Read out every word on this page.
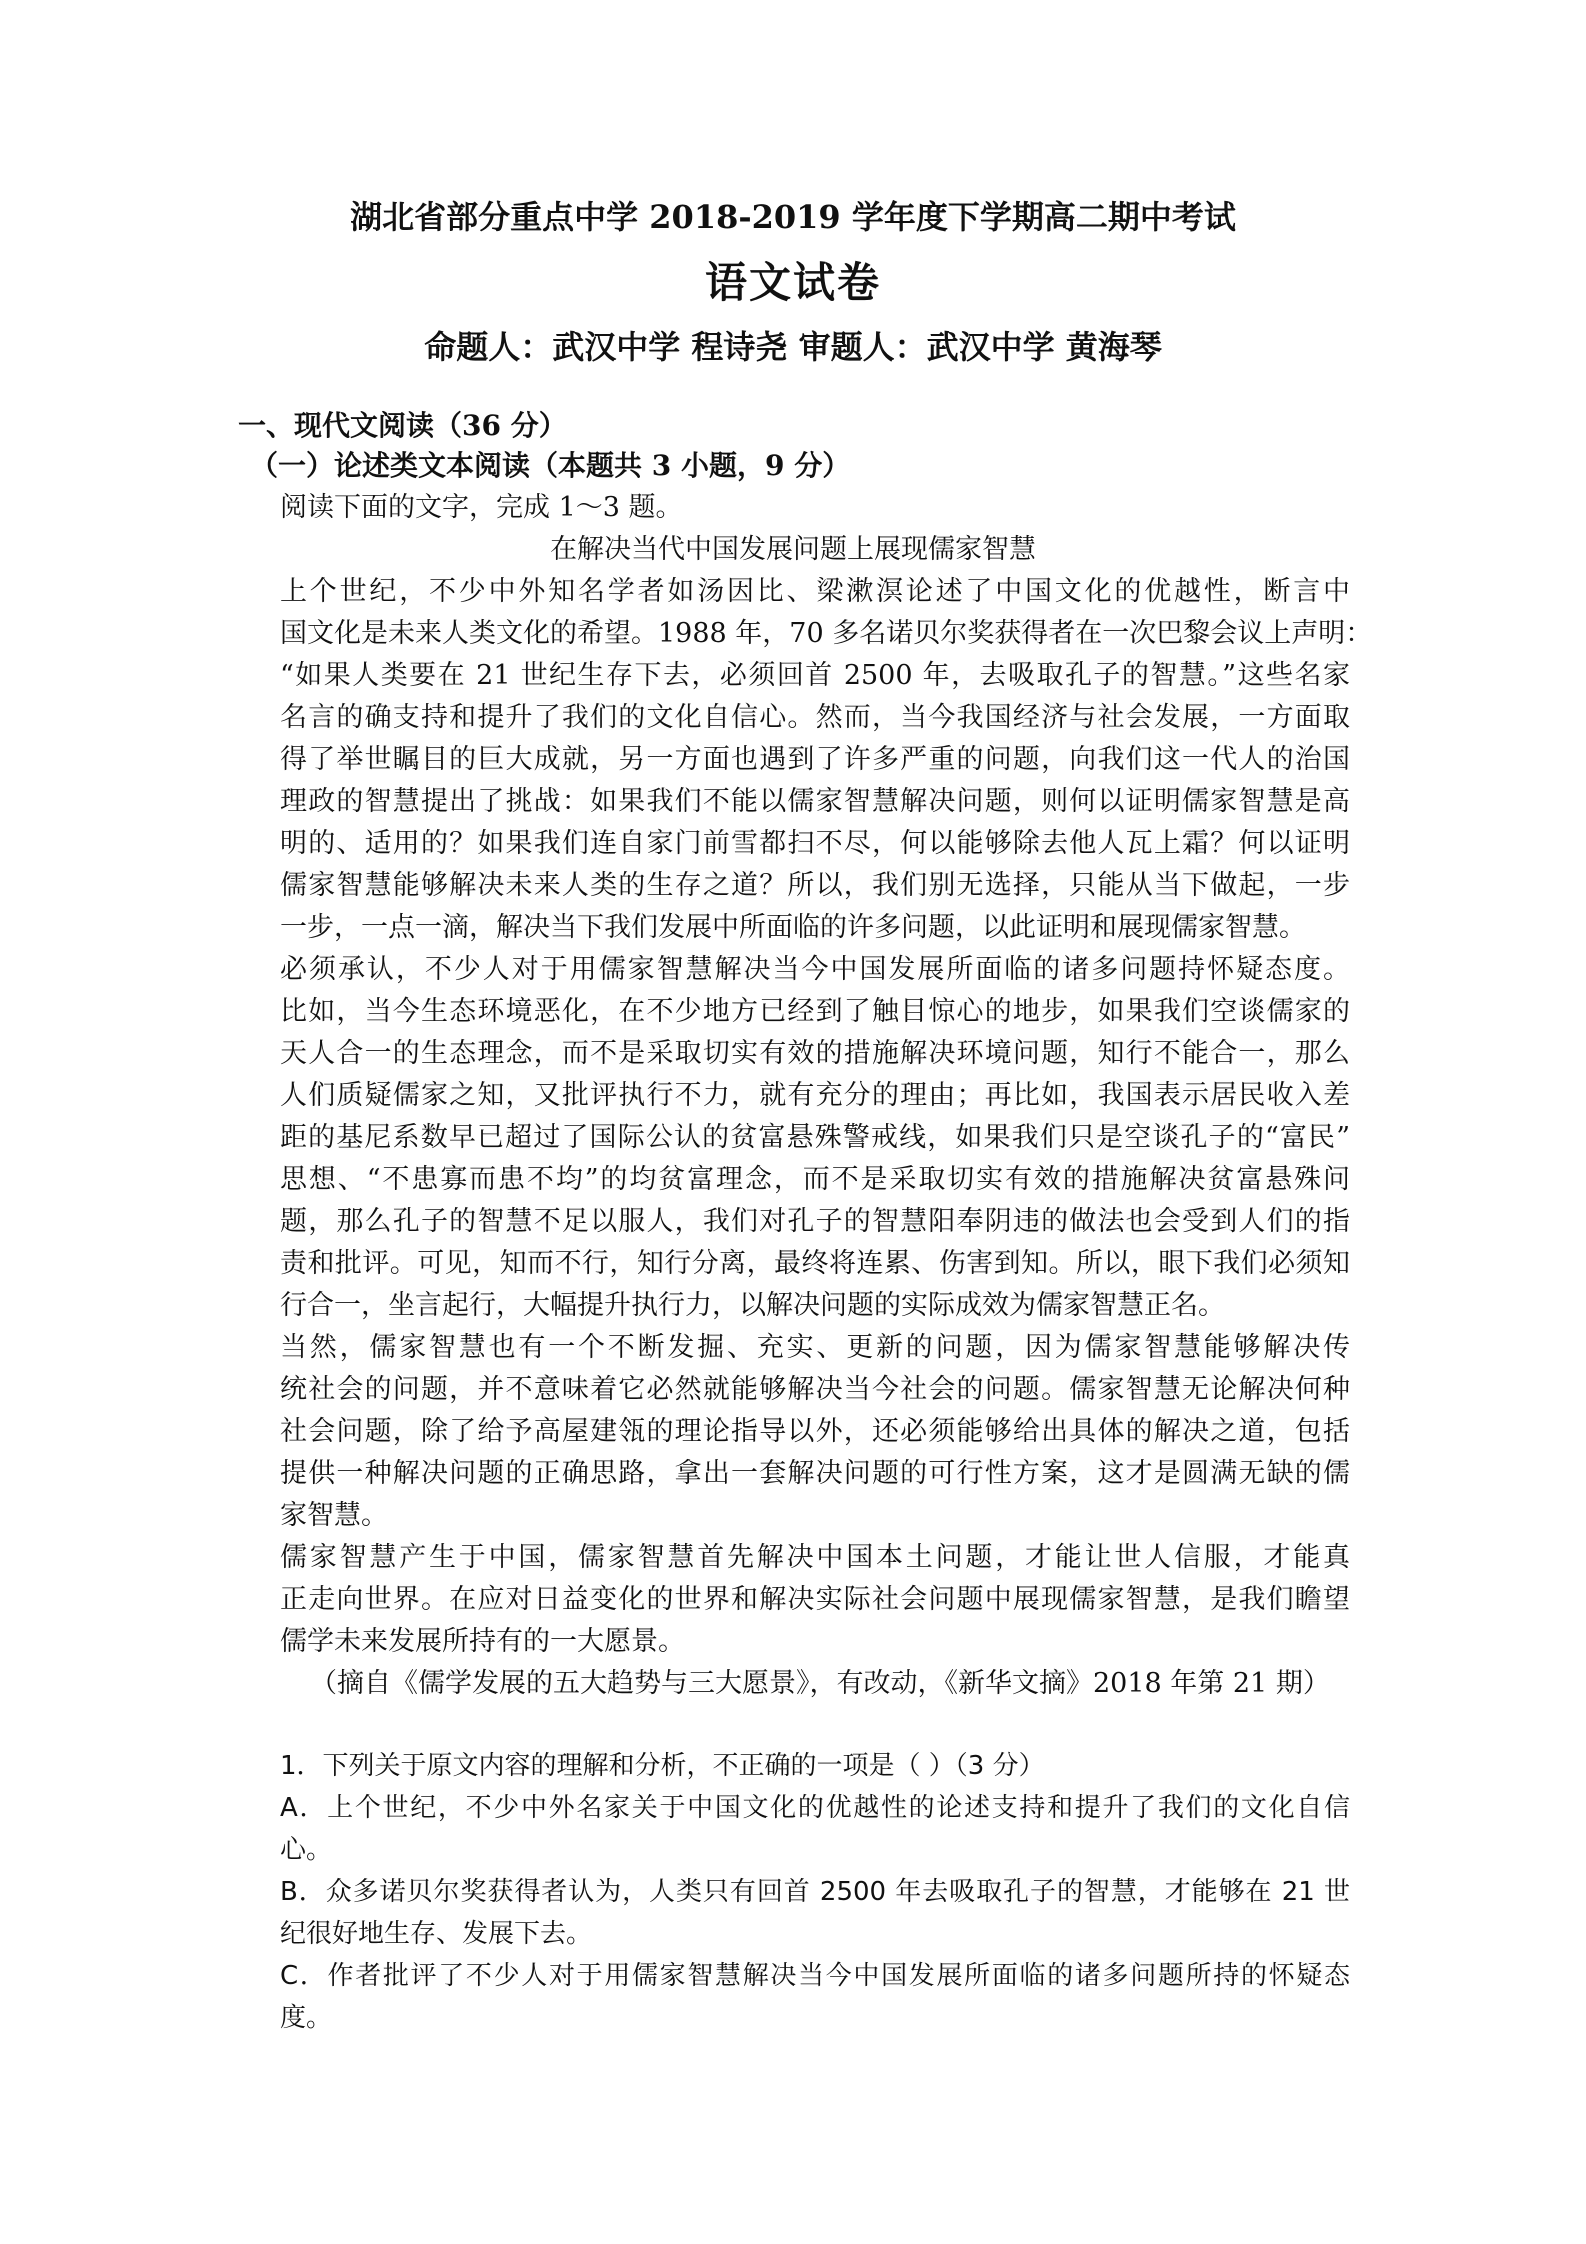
湖北省部分重点中学 2018-2019 学年度下学期高二期中考试
语文试卷
命题人：武汉中学 程诗尧 审题人：武汉中学 黄海琴
一、现代文阅读（36 分）
（一）论述类文本阅读（本题共 3 小题，9 分）
阅读下面的文字，完成 1～3 题。
在解决当代中国发展问题上展现儒家智慧
上个世纪，不少中外知名学者如汤因比、梁漱溟论述了中国文化的优越性，断言中
国文化是未来人类文化的希望。1988 年，70 多名诺贝尔奖获得者在一次巴黎会议上声明：
“如果人类要在 21 世纪生存下去，必须回首 2500 年，去吸取孔子的智慧。”这些名家
名言的确支持和提升了我们的文化自信心。然而，当今我国经济与社会发展，一方面取
得了举世瞩目的巨大成就，另一方面也遇到了许多严重的问题，向我们这一代人的治国
理政的智慧提出了挑战：如果我们不能以儒家智慧解决问题，则何以证明儒家智慧是高
明的、适用的？如果我们连自家门前雪都扫不尽，何以能够除去他人瓦上霜？何以证明
儒家智慧能够解决未来人类的生存之道？所以，我们别无选择，只能从当下做起，一步
一步，一点一滴，解决当下我们发展中所面临的许多问题，以此证明和展现儒家智慧。
必须承认，不少人对于用儒家智慧解决当今中国发展所面临的诸多问题持怀疑态度。
比如，当今生态环境恶化，在不少地方已经到了触目惊心的地步，如果我们空谈儒家的
天人合一的生态理念，而不是采取切实有效的措施解决环境问题，知行不能合一，那么
人们质疑儒家之知，又批评执行不力，就有充分的理由；再比如，我国表示居民收入差
距的基尼系数早已超过了国际公认的贫富悬殊警戒线，如果我们只是空谈孔子的“富民”
思想、“不患寡而患不均”的均贫富理念，而不是采取切实有效的措施解决贫富悬殊问
题，那么孔子的智慧不足以服人，我们对孔子的智慧阳奉阴违的做法也会受到人们的指
责和批评。可见，知而不行，知行分离，最终将连累、伤害到知。所以，眼下我们必须知
行合一，坐言起行，大幅提升执行力，以解决问题的实际成效为儒家智慧正名。
当然，儒家智慧也有一个不断发掘、充实、更新的问题，因为儒家智慧能够解决传
统社会的问题，并不意味着它必然就能够解决当今社会的问题。儒家智慧无论解决何种
社会问题，除了给予高屋建瓴的理论指导以外，还必须能够给出具体的解决之道，包括
提供一种解决问题的正确思路，拿出一套解决问题的可行性方案，这才是圆满无缺的儒
家智慧。
儒家智慧产生于中国，儒家智慧首先解决中国本土问题，才能让世人信服，才能真
正走向世界。在应对日益变化的世界和解决实际社会问题中展现儒家智慧，是我们瞻望
儒学未来发展所持有的一大愿景。
（摘自《儒学发展的五大趋势与三大愿景》，有改动，《新华文摘》2018 年第 21 期）
1．下列关于原文内容的理解和分析，不正确的一项是（ ）（3 分）
A．上个世纪，不少中外名家关于中国文化的优越性的论述支持和提升了我们的文化自信
心。
B．众多诺贝尔奖获得者认为，人类只有回首 2500 年去吸取孔子的智慧，才能够在 21 世
纪很好地生存、发展下去。
C．作者批评了不少人对于用儒家智慧解决当今中国发展所面临的诸多问题所持的怀疑态
度。
